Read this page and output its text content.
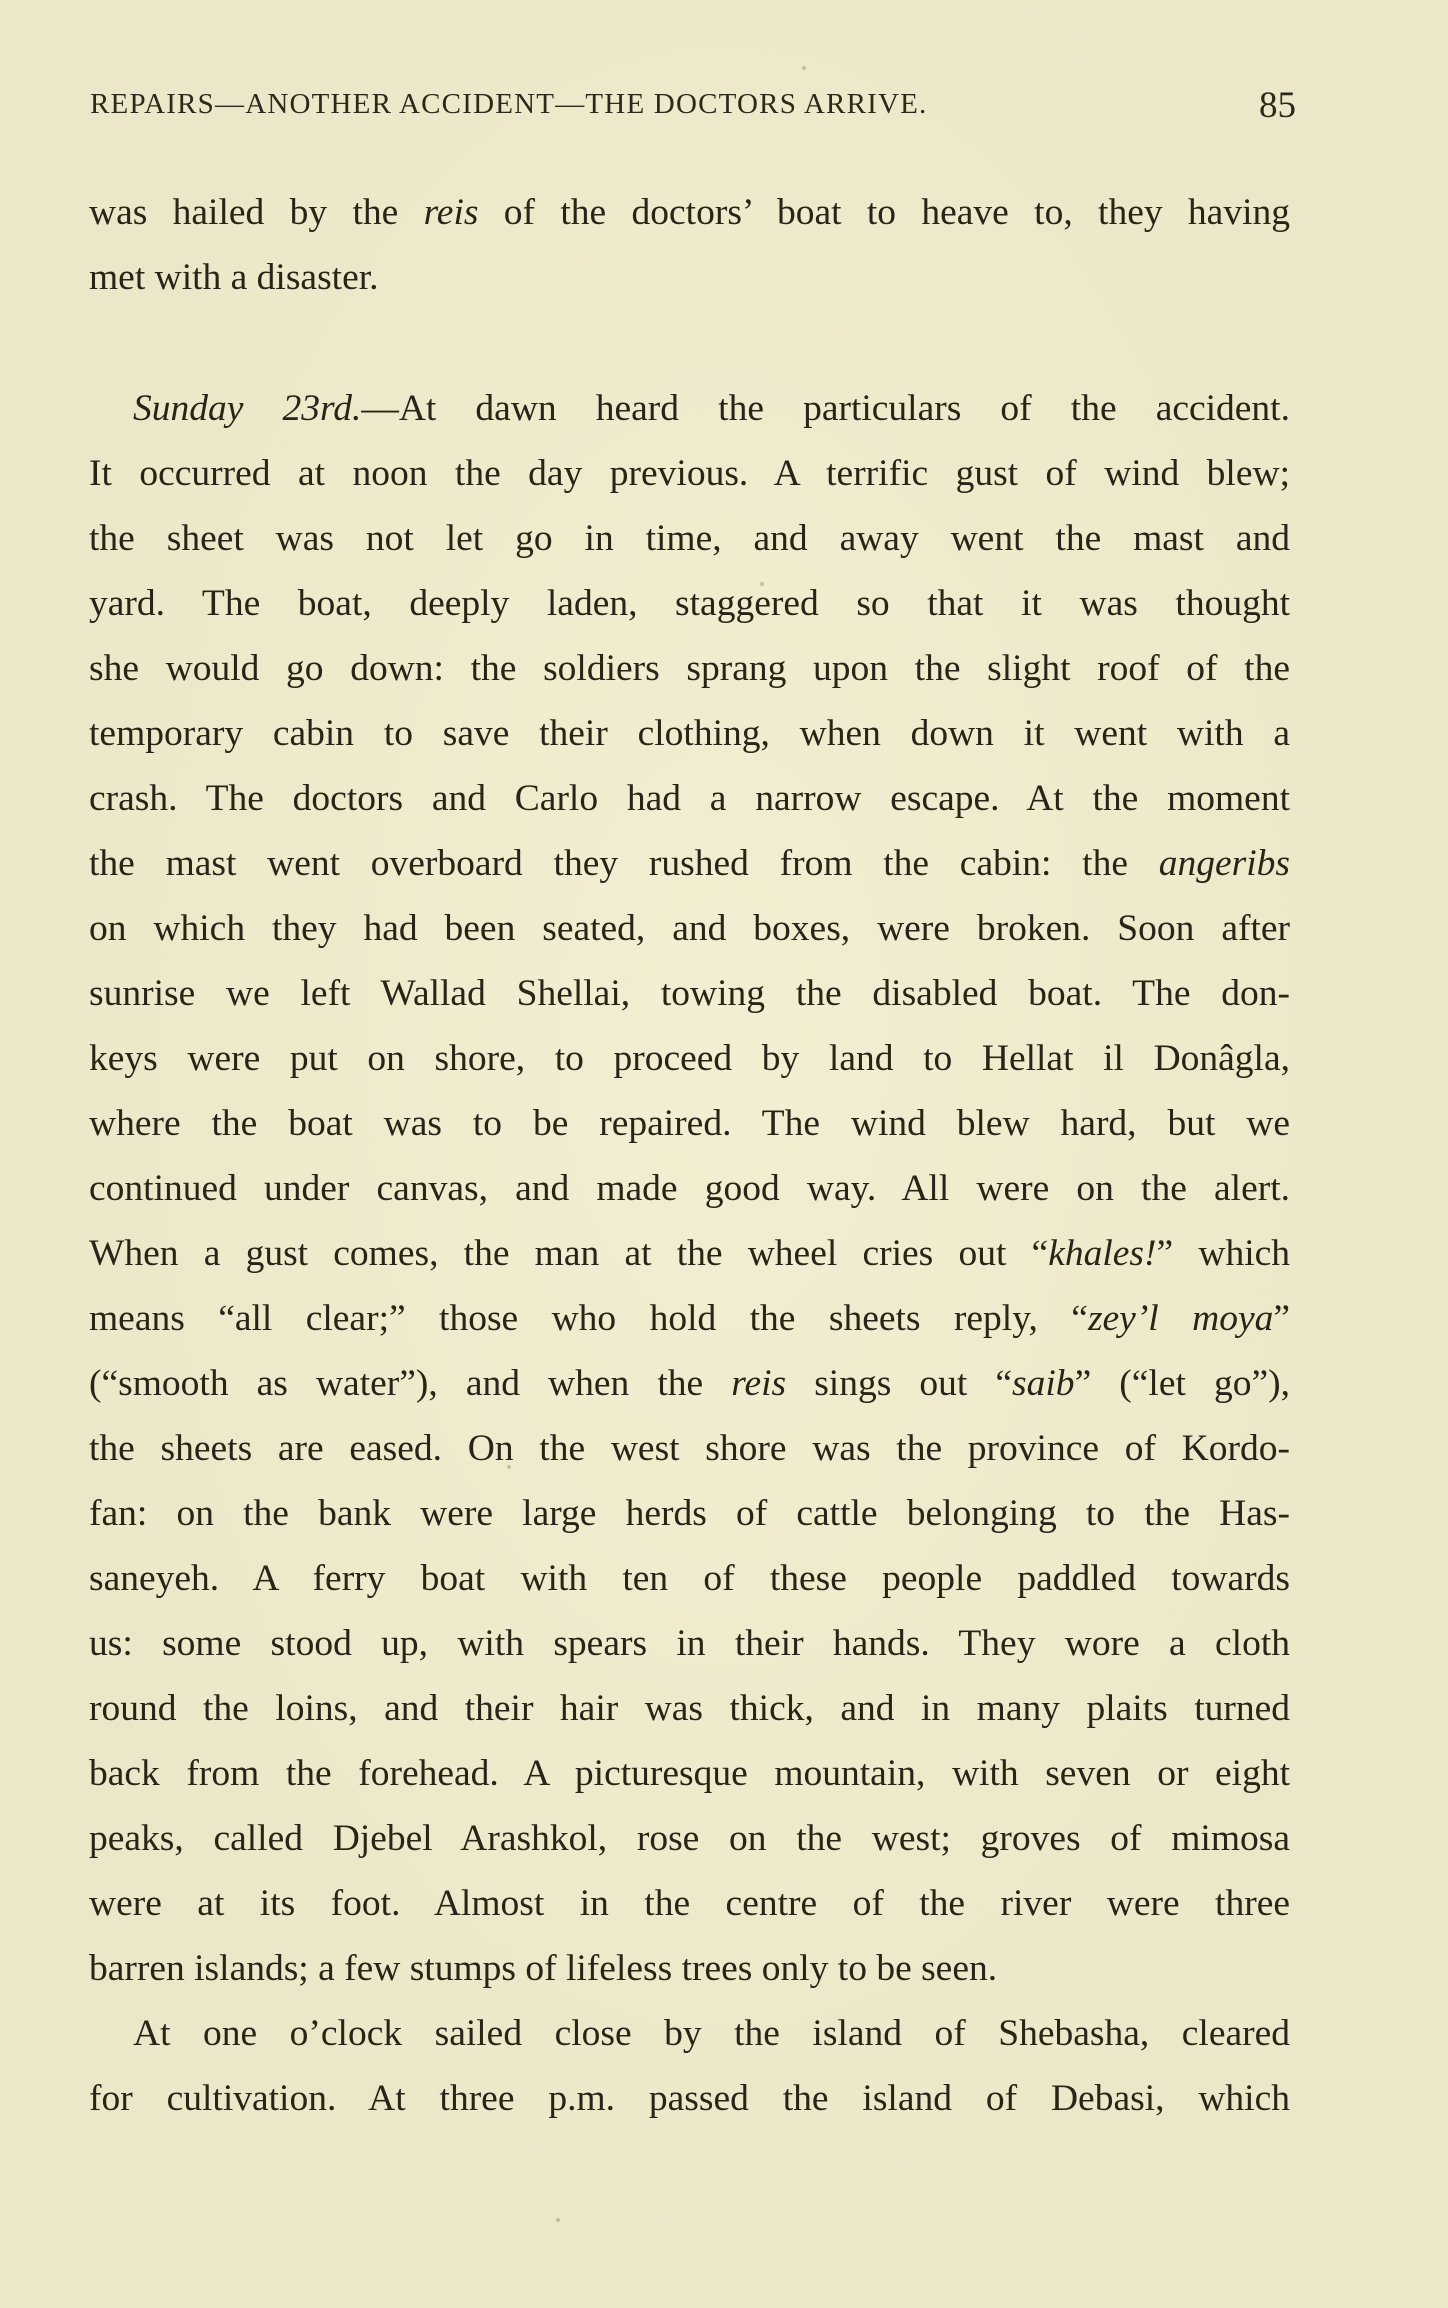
REPAIRS—ANOTHER ACCIDENT—THE DOCTORS ARRIVE.	85

was hailed by the reis of the doctors’ boat to heave to, they having

met with a disaster.

Sunday 23rd.—At dawn heard the particulars of the accident.

It occurred at noon the day previous. A terrific gust of wind blew;

the sheet was not let go in time, and away went the mast and

yard. The boat, deeply laden, staggered so that it was thought

she would go down: the soldiers sprang upon the slight roof of the

temporary cabin to save their clothing, when down it went with a

crash. The doctors and Carlo had a narrow escape. At the moment

the mast went overboard they rushed from the cabin: the angeribs

on which they had been seated, and boxes, were broken. Soon after

sunrise we left Wallad Shellai, towing the disabled boat. The don-

keys were put on shore, to proceed by land to Hellat il Donâgla,

where the boat was to be repaired. The wind blew hard, but we

continued under canvas, and made good way. All were on the alert.

When a gust comes, the man at the wheel cries out “khales!” which

means “all clear;” those who hold the sheets reply, “zey’l moya”

(“smooth as water”), and when the reis sings out “saib” (“let go”),

the sheets are eased. On the west shore was the province of Kordo-

fan: on the bank were large herds of cattle belonging to the Has-

saneyeh. A ferry boat with ten of these people paddled towards

us: some stood up, with spears in their hands. They wore a cloth

round the loins, and their hair was thick, and in many plaits turned

back from the forehead. A picturesque mountain, with seven or eight

peaks, called Djebel Arashkol, rose on the west; groves of mimosa

were at its foot. Almost in the centre of the river were three

barren islands; a few stumps of lifeless trees only to be seen.

At one o’clock sailed close by the island of Shebasha, cleared

for cultivation. At three p.m. passed the island of Debasi, which
